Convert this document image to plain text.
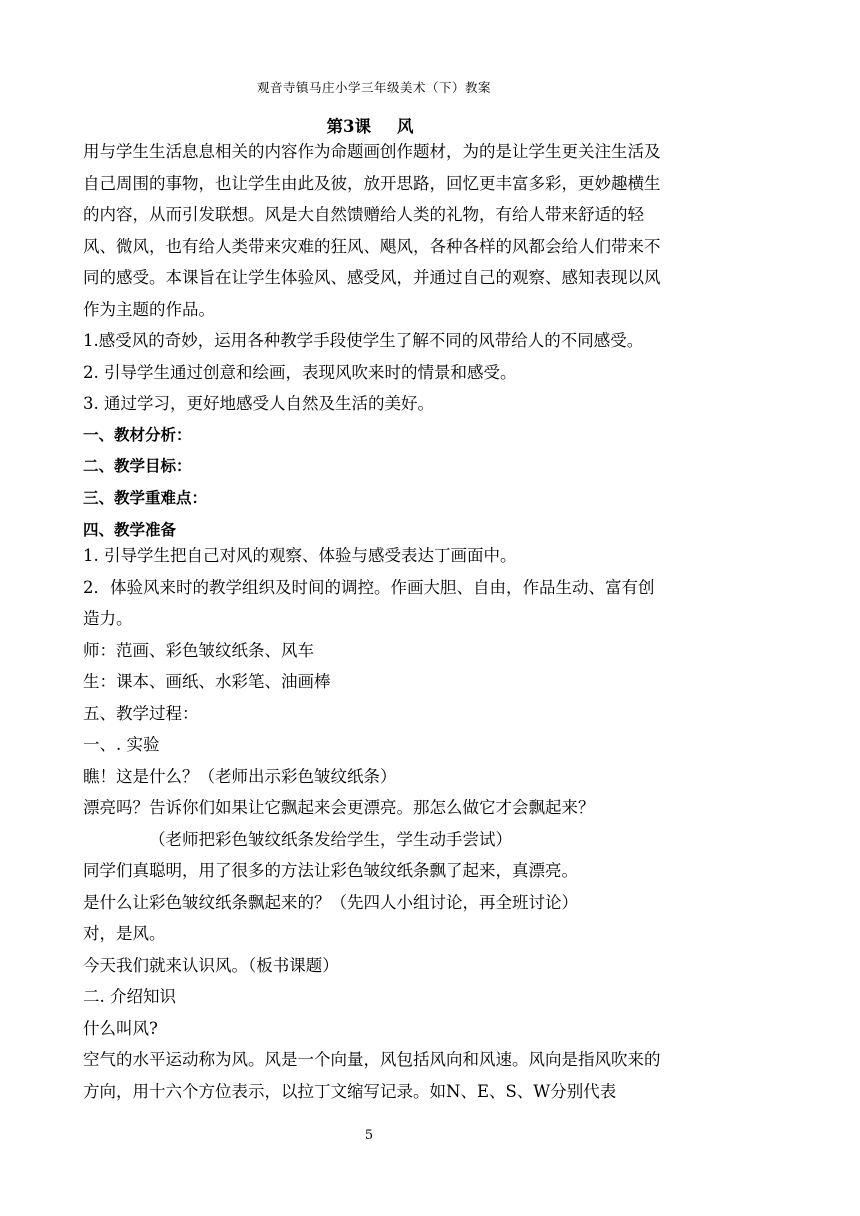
观音寺镇马庄小学三年级美术（下）教案
第3课 风

用与学生生活息息相关的内容作为命题画创作题材，为的是让学生更关注生活及自己周围的事物，也让学生由此及彼，放开思路，回忆更丰富多彩，更妙趣横生的内容，从而引发联想。风是大自然馈赠给人类的礼物，有给人带来舒适的轻风、微风，也有给人类带来灾难的狂风、飓风，各种各样的风都会给人们带来不同的感受。本课旨在让学生体验风、感受风，并通过自己的观察、感知表现以风作为主题的作品。

1.感受风的奇妙，运用各种教学手段使学生了解不同的风带给人的不同感受。

2. 引导学生通过创意和绘画，表现风吹来时的情景和感受。

3. 通过学习，更好地感受人自然及生活的美好。

一、教材分析：

二、教学目标：

三、教学重难点：

四、教学准备

1. 引导学生把自己对风的观察、体验与感受表达丁画面中。

2．体验风来时的教学组织及时间的调控。作画大胆、自由，作品生动、富有创造力。

师：范画、彩色皱纹纸条、风车

生：课本、画纸、水彩笔、油画棒

五、教学过程：

一、. 实验

瞧！这是什么？（老师出示彩色皱纹纸条）

漂亮吗？告诉你们如果让它飘起来会更漂亮。那怎么做它才会飘起来？

（老师把彩色皱纹纸条发给学生，学生动手尝试）

同学们真聪明，用了很多的方法让彩色皱纹纸条飘了起来，真漂亮。

是什么让彩色皱纹纸条飘起来的？（先四人小组讨论，再全班讨论）

对，是风。

今天我们就来认识风。（板书课题）

二. 介绍知识

什么叫风?

空气的水平运动称为风。风是一个向量，风包括风向和风速。风向是指风吹来的方向，用十六个方位表示，以拉丁文缩写记录。如N、E、S、W分别代表

5
